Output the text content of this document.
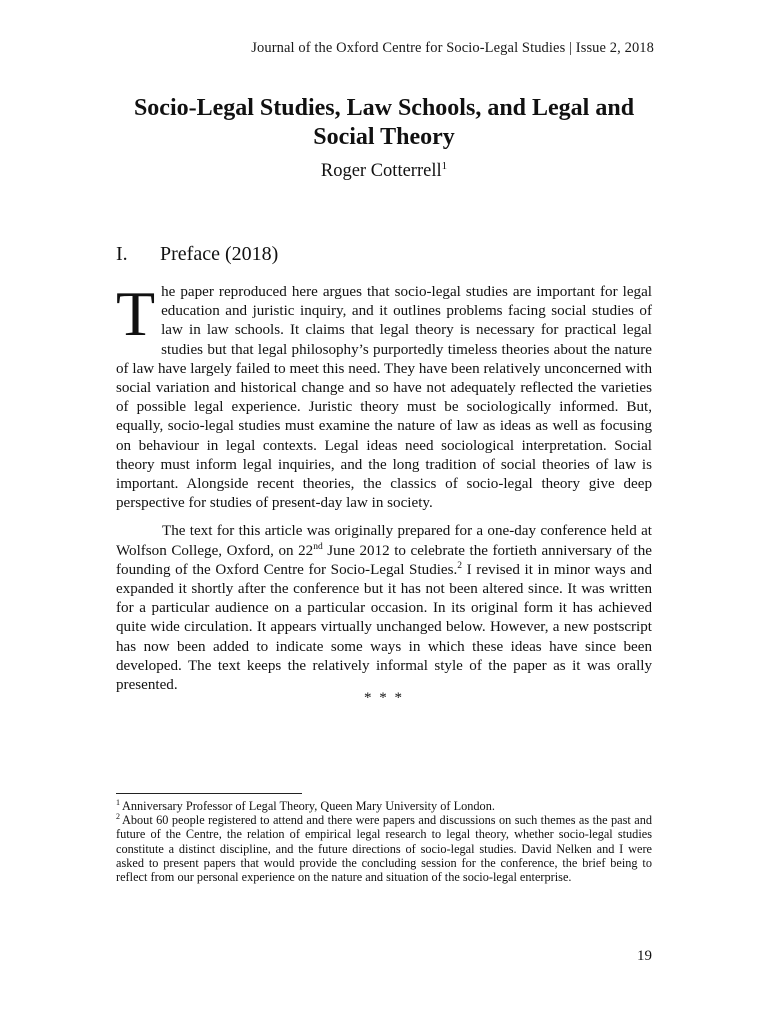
Journal of the Oxford Centre for Socio-Legal Studies | Issue 2, 2018
Socio-Legal Studies, Law Schools, and Legal and Social Theory
Roger Cotterrell$^1$
I. Preface (2018)

The paper reproduced here argues that socio-legal studies are important for legal education and juristic inquiry, and it outlines problems facing social studies of law in law schools. It claims that legal theory is necessary for practical legal studies but that legal philosophy’s purportedly timeless theories about the nature of law have largely failed to meet this need. They have been relatively unconcerned with social variation and historical change and so have not adequately reflected the varieties of possible legal experience. Juristic theory must be sociologically informed. But, equally, socio-legal studies must examine the nature of law as ideas as well as focusing on behaviour in legal contexts. Legal ideas need sociological interpretation. Social theory must inform legal inquiries, and the long tradition of social theories of law is important. Alongside recent theories, the classics of socio-legal theory give deep perspective for studies of present-day law in society.

The text for this article was originally prepared for a one-day conference held at Wolfson College, Oxford, on 22nd June 2012 to celebrate the fortieth anniversary of the founding of the Oxford Centre for Socio-Legal Studies.$^2$ I revised it in minor ways and expanded it shortly after the conference but it has not been altered since. It was written for a particular audience on a particular occasion. In its original form it has achieved quite wide circulation. It appears virtually unchanged below. However, a new postscript has now been added to indicate some ways in which these ideas have since been developed. The text keeps the relatively informal style of the paper as it was orally presented.

* * *

$^1$ Anniversary Professor of Legal Theory, Queen Mary University of London.

$^2$ About 60 people registered to attend and there were papers and discussions on such themes as the past and future of the Centre, the relation of empirical legal research to legal theory, whether socio-legal studies constitute a distinct discipline, and the future directions of socio-legal studies. David Nelken and I were asked to present papers that would provide the concluding session for the conference, the brief being to reflect from our personal experience on the nature and situation of the socio-legal enterprise.

19
